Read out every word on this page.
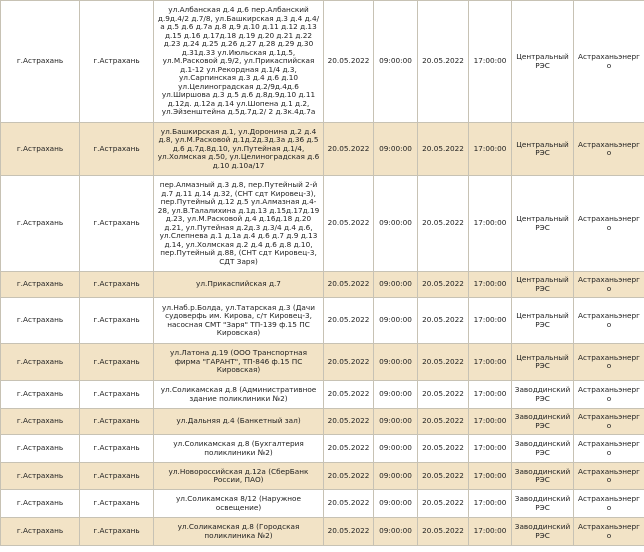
г.Астрахань	г.Астрахань	ул.Албанская д.4 д.6 пер.Албанский д.9д.4/2 д.7/8, ул.Башкирская д.3 д.4 д.4/ а д.5 д.6 д.7а д.8 д.9 д.10 д.11 д.12 д.13 д.15 д.16 д.17д.18 д.19 д.20 д.21 д.22 д.23 д.24 д.25 д.26 д.27 д.28 д.29 д.30 д.31д.33 ул.Июльская д.1д.5, ул.М.Расковой д.9/2, ул.Прикаспийская д.1-12 ул.Рекордная д.1/4 д.3, ул.Сарпинская д.3 д.4 д.6 д.10 ул.Целиноградская д.2/9д.4д.6 ул.Ширшова д.3 д.5 д.6 д.8д.9д.10 д.11 д.12д. д.12а д.14 ул.Шопена д.1 д.2, ул.Эйзенштейна д.5д.7д.2/ 2 д.3к.4д.7а	20.05.2022	09:00:00	20.05.2022	17:00:00	Центральный РЭС	Астраханьэнерго
г.Астрахань	г.Астрахань	ул.Башкирская д.1, ул.Доронина д.2 д.4 д.8, ул.М.Расковой д.1д.2д.3д.3а д.36 д.5 д.6 д.7д.8д.10, ул.Путейная д.1/4, ул.Холмская д.50, ул.Целиноградская д.6 д.10 д.10а/17	20.05.2022	09:00:00	20.05.2022	17:00:00	Центральный РЭС	Астраханьэнерго
г.Астрахань	г.Астрахань	пер.Алмазный д.3 д.8, пер.Путейный 2-й д.7 д.11 д.14 д.32, (СНТ сдт Кировец-3), пер.Путейный д.12 д.5 ул.Алмазная д.4-28, ул.В.Талалихина д.1д.13 д.15д.17д.19 д.23, ул.М.Расковой д.4 д.16д.18 д.20 д.21, ул.Путейная д.2д.3 д.3/4 д.4 д.6, ул.Слепнева д.1 д.1а д.4 д.6 д.7 д.9 д.13 д.14, ул.Холмская д.2 д.4 д.6 д.8 д.10, пер.Путейный д.88, (СНТ сдт Кировец-3, СДТ Заря)	20.05.2022	09:00:00	20.05.2022	17:00:00	Центральный РЭС	Астраханьэнерго
г.Астрахань	г.Астрахань	ул.Прикаспийская д.7	20.05.2022	09:00:00	20.05.2022	17:00:00	Центральный РЭС	Астраханьэнерго
г.Астрахань	г.Астрахань	ул.Наб.р.Болда, ул.Татарская д.3 (Дачи судоверфь им. Кирова, с/т Кировец-3, насосная СМТ "Заря" ТП-139 ф.15 ПС Кировская)	20.05.2022	09:00:00	20.05.2022	17:00:00	Центральный РЭС	Астраханьэнерго
г.Астрахань	г.Астрахань	ул.Латона д.19 (ООО Транспортная фирма "ГАРАНТ", ТП-846 ф.15 ПС Кировская)	20.05.2022	09:00:00	20.05.2022	17:00:00	Центральный РЭС	Астраханьэнерго
г.Астрахань	г.Астрахань	ул.Соликамская д.8 (Административное здание поликлиники №2)	20.05.2022	09:00:00	20.05.2022	17:00:00	Заводдинский РЭС	Астраханьэнерго
г.Астрахань	г.Астрахань	ул.Дальняя д.4 (Банкетный зал)	20.05.2022	09:00:00	20.05.2022	17:00:00	Заводдинский РЭС	Астраханьэнерго
г.Астрахань	г.Астрахань	ул.Соликамская д.8 (Бухгалтерия поликлиники №2)	20.05.2022	09:00:00	20.05.2022	17:00:00	Заводдинский РЭС	Астраханьэнерго
г.Астрахань	г.Астрахань	ул.Новороссийская д.12а (СберБанк России, ПАО)	20.05.2022	09:00:00	20.05.2022	17:00:00	Заводдинский РЭС	Астраханьэнерго
г.Астрахань	г.Астрахань	ул.Соликамская 8/12 (Наружное освещение)	20.05.2022	09:00:00	20.05.2022	17:00:00	Заводдинский РЭС	Астраханьэнерго
г.Астрахань	г.Астрахань	ул.Соликамская д.8 (Городская поликлиника №2)	20.05.2022	09:00:00	20.05.2022	17:00:00	Заводдинский РЭС	Астраханьэнерго
